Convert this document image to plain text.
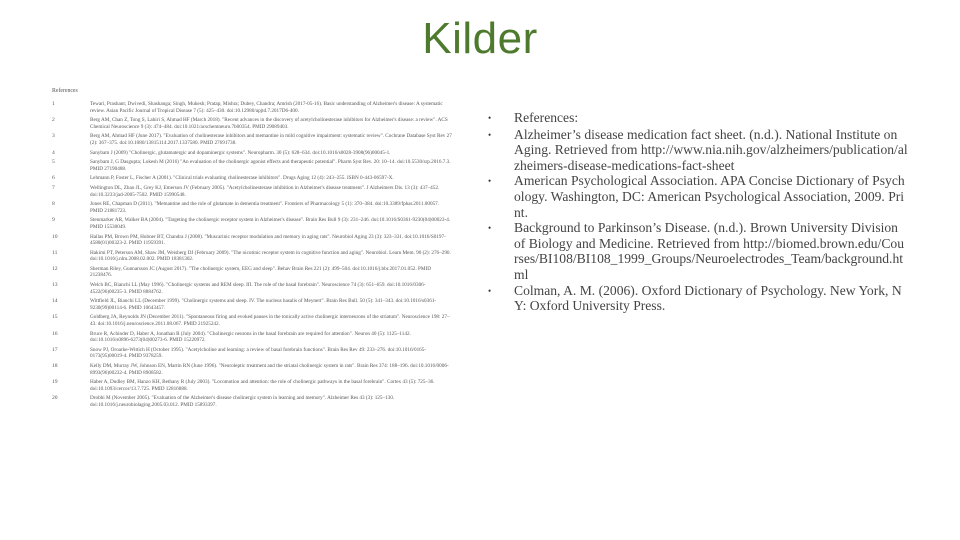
Kilder
References
1	Tewari, Prashant; Dwivedi, Shashanga; Singh, Mukesh; Pratap, Mishra; Dubey, Chandra; Amrish (2017-05-16). Basic understanding of Alzheimer's disease: A systematic review. Asian Pacific Journal of Tropical Disease 7 (5): 425–430. doi:10.12980/apjtd.7.2017D6-400.
2	Berg AM, Chan Z, Tong S, Lahiri S, Ahmad HF (March 2018). "Recent advances in the discovery of acetylcholinesterase inhibitors for Alzheimer's disease: a review". ACS Chemical Neuroscience 9 (3): 474–484. doi:10.1021/acschemneuro.7b00354. PMID 29089403.
3	Berg AM, Ahmad HF (June 2017). "Evaluation of cholinesterase inhibitors and memantine in mild cognitive impairment: systematic review". Cochrane Database Syst Rev 27 (2): 367–375. doi:10.1080/13815114.2017.1337580. PMID 27691738.
4	Sanybam J (2009) "Cholinergic, glutamatergic and dopaminergic systems". Neuropharm. 30 (5): 628–634. doi:10.1016/s0028-3908(96)00045-1.
5	Sanybam J, G Dasgupta; Lokesh M (2016) "An evaluation of the cholinergic agonist effects and therapeutic potential". Pharm Syst Rev. 20: 10–14. doi:10.5530/srp.2016.7.3. PMID 27190488.
6	Lehmann P, Foster L, Fischer A (2001). "Clinical trials evaluating cholinesterase inhibitors". Drugs Aging 12 (4): 243–255. ISBN 0-443-06597-X.
7	Wellington DL, Zhao JL, Grey KJ, Emerson JV (February 2005). "Acetylcholinesterase inhibition in Alzheimer's disease treatment". J Alzheimers Dis. 13 (3): 437–452. doi:10.3233/jad-2005-7502. PMID 15990548.
8	Jones RE, Chapman D (2011). "Memantine and the role of glutamate in dementia treatment". Frontiers of Pharmacology 5 (1): 370–384. doi:10.3389/fphar.2011.00057. PMID 21881723.
9	Stenmarker AR, Walker BA (2004). "Targeting the cholinergic receptor system in Alzheimer's disease". Brain Res Bull 9 (3): 231–246. doi:10.1016/S0361-9230(04)00023-4. PMID 15530049.
10	Hallas PM, Brown PM, Hubner BT, Chandra J (2008). "Muscarinic receptor modulation and memory in aging rats". Neurobiol Aging 23 (3): 323–331. doi:10.1016/S0197-4580(01)00323-2. PMID 11959391.
11	Hakimi PT, Peterson AM, Shaw JM, Weisberg DJ (February 2009). "The nicotinic receptor system in cognitive function and aging". Neurobiol. Learn Mem. 90 (2): 276–290. doi:10.1016/j.nlm.2008.02.002. PMID 18381302.
12	Sherman Riley, Gunnarsson JC (August 2017). "The cholinergic system, EEG and sleep". Behav Brain Res 221 (2): 499–504. doi:10.1016/j.bbr.2017.01.052. PMID 21238476.
13	Welch BC, Bianchi LL (May 1996). "Cholinergic systems and REM sleep. III. The role of the basal forebrain". Neuroscience 74 (3): 651–659. doi:10.1016/0306-4522(96)00235-3. PMID 8884762.
14	Wittfield JL, Bianchi LL (December 1999). "Cholinergic systems and sleep. IV. The nucleus basalis of Meynert". Brain Res Bull. 50 (5): 341–343. doi:10.1016/s0361-9230(99)00114-6. PMID 10643457.
15	Goldberg JA, Reynolds JN (December 2011). "Spontaneous firing and evoked pauses in the tonically active cholinergic interneurons of the striatum". Neuroscience 198: 27–43. doi:10.1016/j.neuroscience.2011.08.067. PMID 21925242.
16	Bruce R, Achinder D, Haber A, Jonathan R (July 2004). "Cholinergic neurons in the basal forebrain are required for attention". Neuron 40 (5): 1125–1142. doi:10.1016/s0896-6273(04)00273-6. PMID 15220972.
17	Snow PJ, Oroarke-Wittich H (October 1995). "Acetylcholine and learning: a review of basal forebrain functions". Brain Res Rev 49: 233–276. doi:10.1016/0165-0173(95)00019-4. PMID 9378259.
18	Kelly DM, Murray JW, Johnson EN, Martin RN (June 1996). "Neuroleptic treatment and the striatal cholinergic system in rats". Brain Res 374: 188–196. doi:10.1016/0006-8993(96)00232-4. PMID 8908582.
19	Haber A, Dudley BM, Hanzo KH, Bethany R (July 2003). "Locomotion and attention: the role of cholinergic pathways in the basal forebrain". Cortex 43 (5): 725–36. doi:10.1093/cercor/13.7.725. PMID 12816888.
20	Drobbi M (November 2005). "Evaluation of the Alzheimer's disease cholinergic system in learning and memory". Alzheimer Res 43 (3): 125–130. doi:10.1016/j.neurobiolaging.2005.03.012. PMID 15893397.
•	References:
•	Alzheimer’s disease medication fact sheet. (n.d.). National Institute on Aging. Retrieved from http://www.nia.nih.gov/alzheimers/publication/alzheimers-disease-medications-fact-sheet
•	American Psychological Association. APA Concise Dictionary of Psychology. Washington, DC: American Psychological Association, 2009. Print.
•	Background to Parkinson’s Disease. (n.d.). Brown University Division of Biology and Medicine. Retrieved from http://biomed.brown.edu/Courses/BI108/BI108_1999_Groups/Neuroelectrodes_Team/background.html
•	Colman, A. M. (2006). Oxford Dictionary of Psychology. New York, NY: Oxford University Press.
